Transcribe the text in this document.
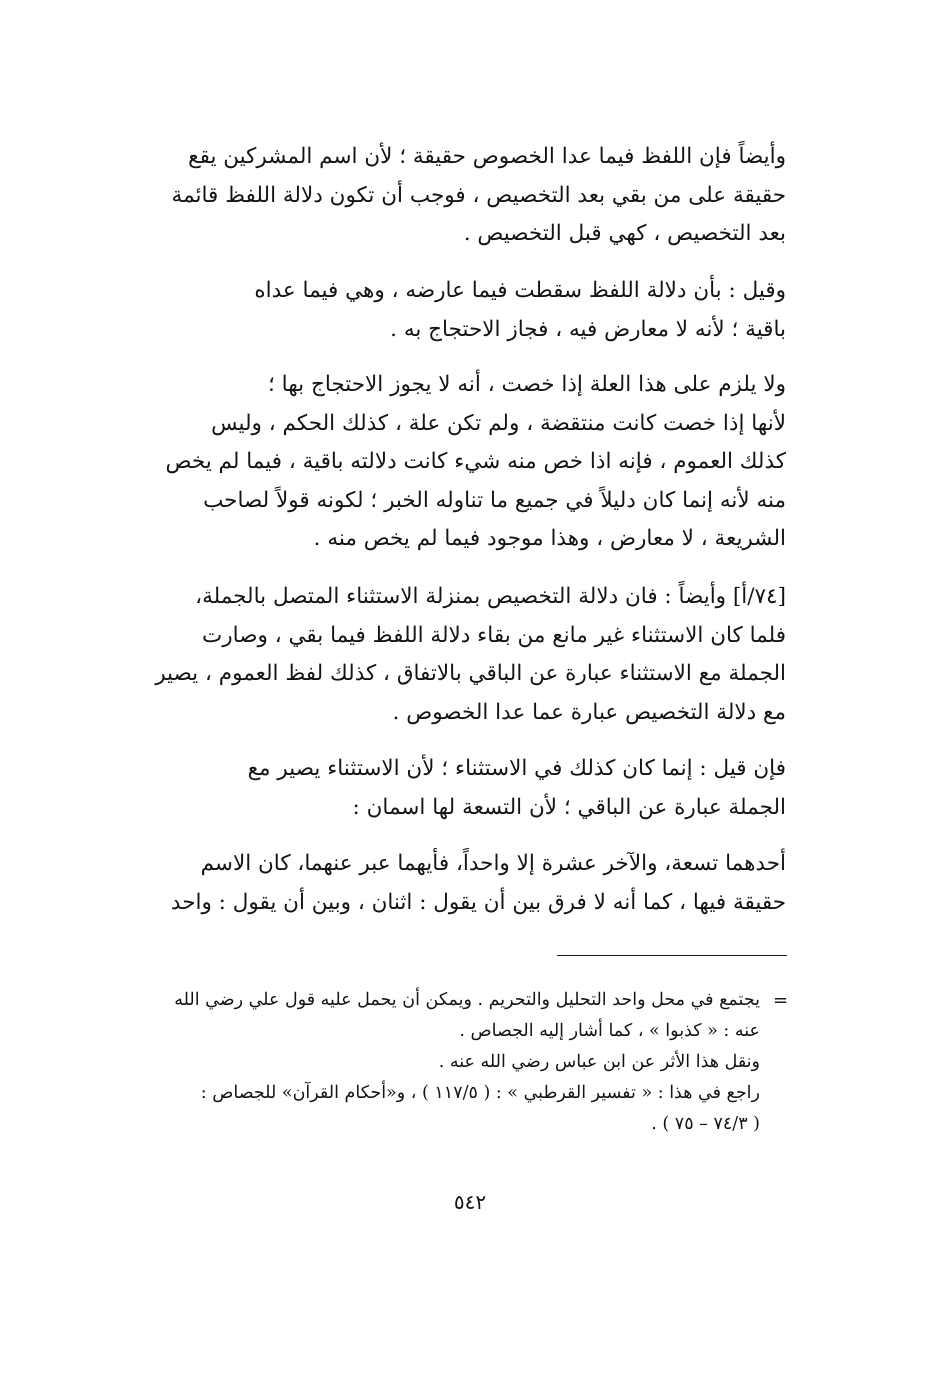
وأيضاً فإن اللفظ فيما عدا الخصوص حقيقة ؛ لأن اسم المشركين يقع
حقيقة على من بقي بعد التخصيص ، فوجب أن تكون دلالة اللفظ قائمة
بعد التخصيص ، كهي قبل التخصيص .
وقيل : بأن دلالة اللفظ سقطت فيما عارضه ، وهي فيما عداه
باقية ؛ لأنه لا معارض فيه ، فجاز الاحتجاج به .
ولا يلزم على هذا العلة إذا خصت ، أنه لا يجوز الاحتجاج بها ؛
لأنها إذا خصت كانت منتقضة ، ولم تكن علة ، كذلك الحكم ، وليس
كذلك العموم ، فإنه اذا خص منه شيء كانت دلالته باقية ، فيما لم يخص
منه لأنه إنما كان دليلاً في جميع ما تناوله الخبر ؛ لكونه قولاً لصاحب
الشريعة ، لا معارض ، وهذا موجود فيما لم يخص منه .
[٧٤/أ] وأيضاً : فان دلالة التخصيص بمنزلة الاستثناء المتصل بالجملة،
فلما كان الاستثناء غير مانع من بقاء دلالة اللفظ فيما بقي ، وصارت
الجملة مع الاستثناء عبارة عن الباقي بالاتفاق ، كذلك لفظ العموم ، يصير
مع دلالة التخصيص عبارة عما عدا الخصوص .
فإن قيل : إنما كان كذلك في الاستثناء ؛ لأن الاستثناء يصير مع
الجملة عبارة عن الباقي ؛ لأن التسعة لها اسمان :
أحدهما تسعة، والآخر عشرة إلا واحداً، فأيهما عبر عنهما، كان الاسم
حقيقة فيها ، كما أنه لا فرق بين أن يقول : اثنان ، وبين أن يقول : واحد
=
يجتمع في محل واحد التحليل والتحريم . ويمكن أن يحمل عليه قول علي رضي الله
عنه : « كذبوا » ، كما أشار إليه الجصاص .
ونقل هذا الأثر عن ابن عباس رضي الله عنه .
راجع في هذا : « تفسير القرطبي » : ( ١١٧/٥ ) ، و«أحكام القرآن» للجصاص :
( ٧٤/٣ – ٧٥ ) .
٥٤٢
